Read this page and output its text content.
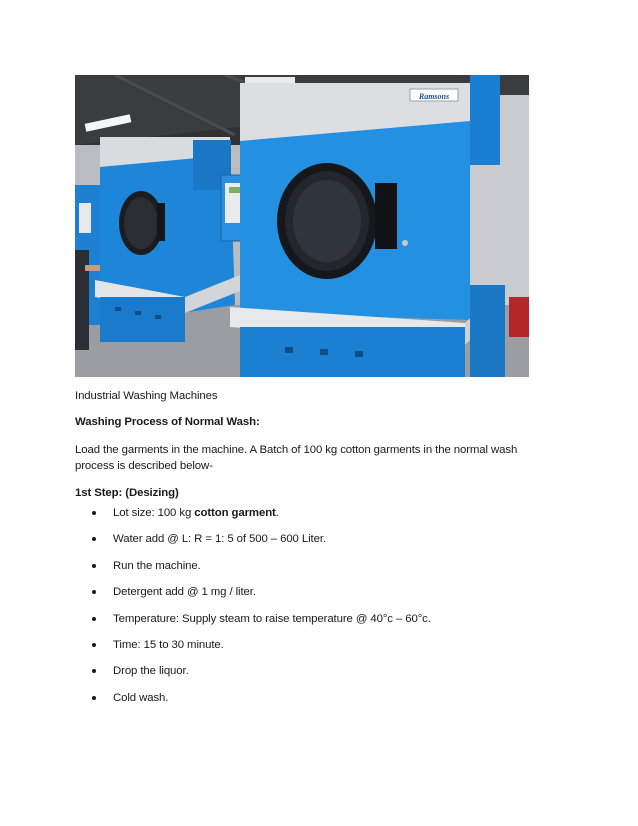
Ramsons
Industrial Washing Machines
Washing Process of Normal Wash:
Load the garments in the machine. A Batch of 100 kg cotton garments in the normal wash process is described below-
1st Step: (Desizing)
Lot size: 100 kg cotton garment.
Water add @ L: R = 1: 5 of 500 – 600 Liter.
Run the machine.
Detergent add @ 1 mg / liter.
Temperature: Supply steam to raise temperature @ 40°c – 60°c.
Time: 15 to 30 minute.
Drop the liquor.
Cold wash.
